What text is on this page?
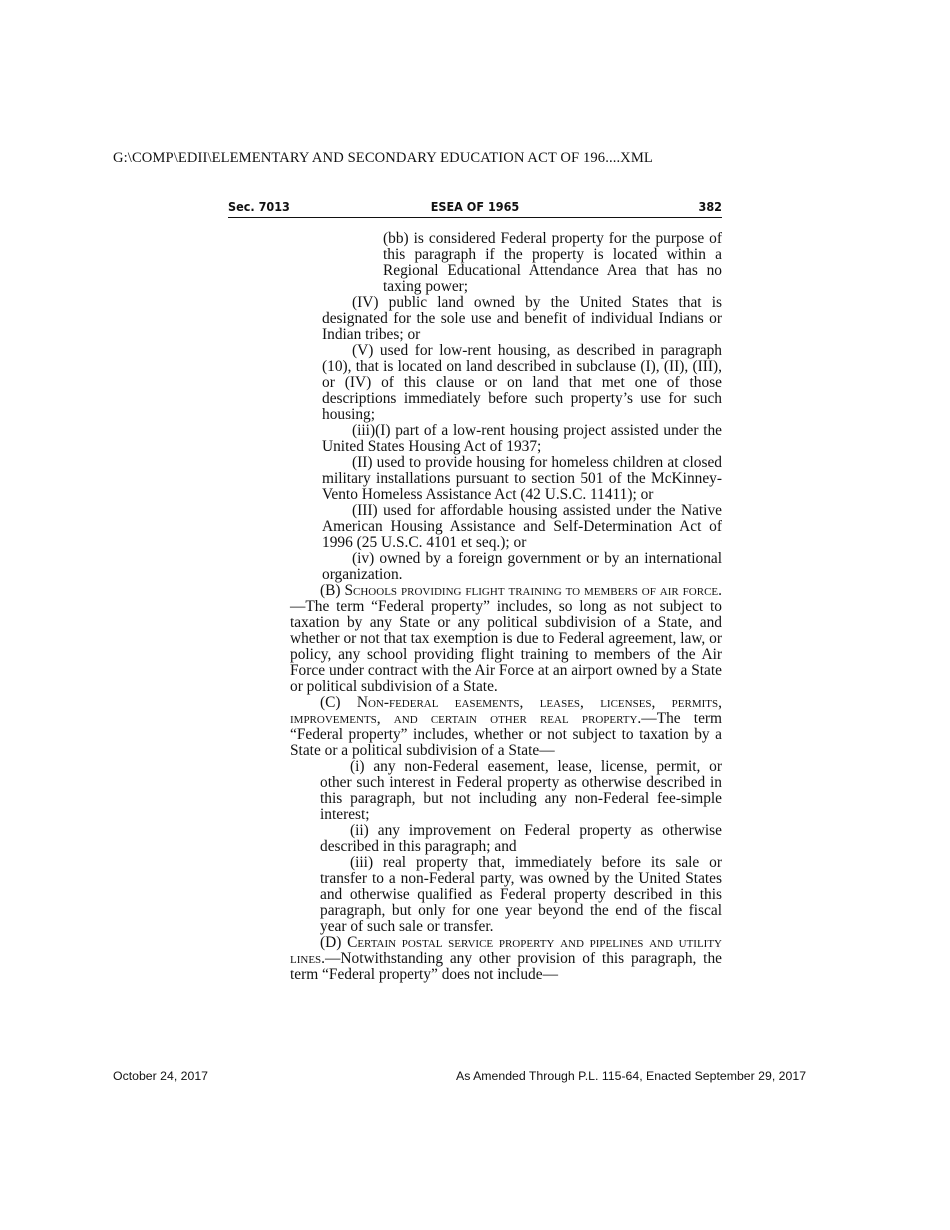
G:\COMP\EDII\ELEMENTARY AND SECONDARY EDUCATION ACT OF 196....XML
Sec. 7013	ESEA OF 1965	382

(bb) is considered Federal property for the purpose of this paragraph if the property is located within a Regional Educational Attendance Area that has no taxing power;

(IV) public land owned by the United States that is designated for the sole use and benefit of individual Indians or Indian tribes; or

(V) used for low-rent housing, as described in paragraph (10), that is located on land described in subclause (I), (II), (III), or (IV) of this clause or on land that met one of those descriptions immediately before such property’s use for such housing;

(iii)(I) part of a low-rent housing project assisted under the United States Housing Act of 1937;

(II) used to provide housing for homeless children at closed military installations pursuant to section 501 of the McKinney-Vento Homeless Assistance Act (42 U.S.C. 11411); or

(III) used for affordable housing assisted under the Native American Housing Assistance and Self-Determination Act of 1996 (25 U.S.C. 4101 et seq.); or

(iv) owned by a foreign government or by an international organization.

(B) Schools providing flight training to members of air force.—The term “Federal property” includes, so long as not subject to taxation by any State or any political subdivision of a State, and whether or not that tax exemption is due to Federal agreement, law, or policy, any school providing flight training to members of the Air Force under contract with the Air Force at an airport owned by a State or political subdivision of a State.

(C) Non-federal easements, leases, licenses, permits, improvements, and certain other real property.—The term “Federal property” includes, whether or not subject to taxation by a State or a political subdivision of a State—

(i) any non-Federal easement, lease, license, permit, or other such interest in Federal property as otherwise described in this paragraph, but not including any non-Federal fee-simple interest;

(ii) any improvement on Federal property as otherwise described in this paragraph; and

(iii) real property that, immediately before its sale or transfer to a non-Federal party, was owned by the United States and otherwise qualified as Federal property described in this paragraph, but only for one year beyond the end of the fiscal year of such sale or transfer.

(D) Certain postal service property and pipelines and utility lines.—Notwithstanding any other provision of this paragraph, the term “Federal property” does not include—

October 24, 2017	As Amended Through P.L. 115-64, Enacted September 29, 2017
